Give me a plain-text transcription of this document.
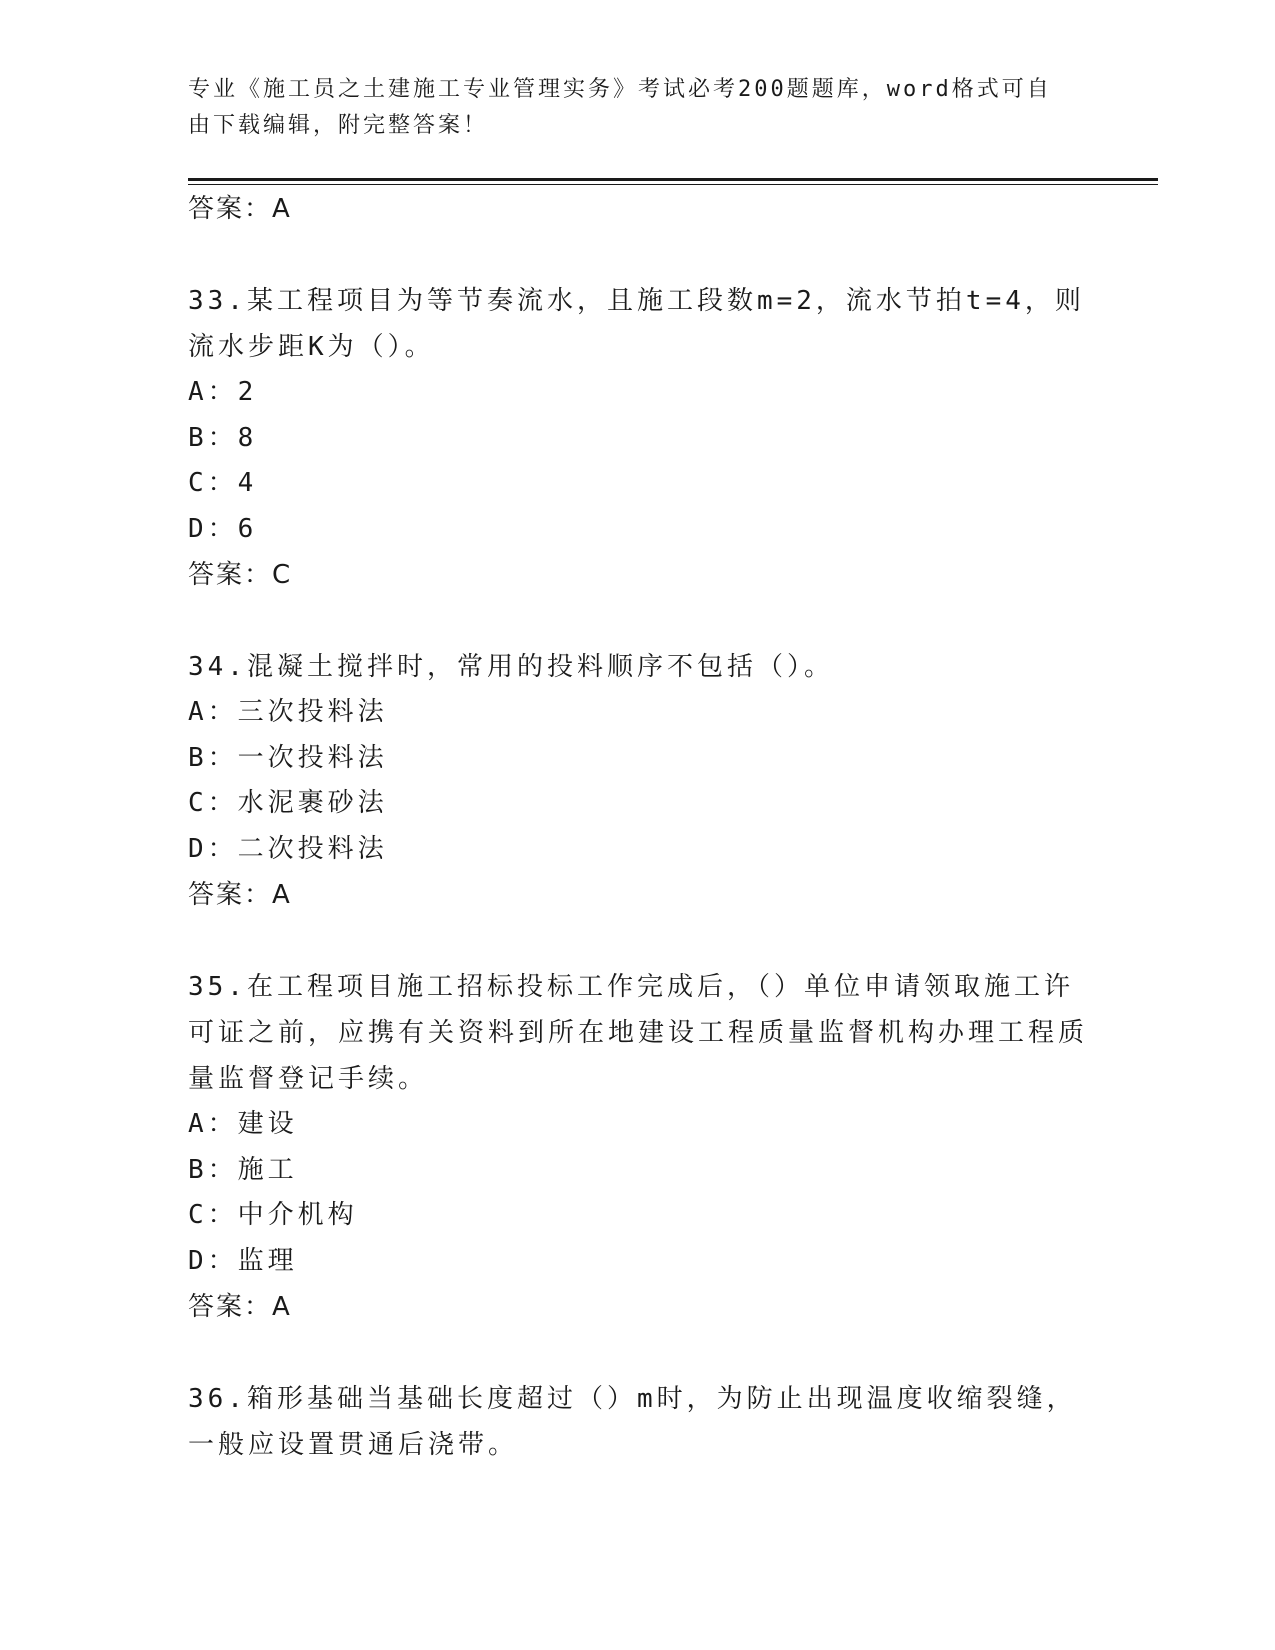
专业《施工员之土建施工专业管理实务》考试必考200题题库，word格式可自由下载编辑，附完整答案！

答案：A

33.某工程项目为等节奏流水，且施工段数m=2，流水节拍t=4，则流水步距K为（）。

A：2

B：8

C：4

D：6

答案：C

34.混凝土搅拌时，常用的投料顺序不包括（）。

A：三次投料法

B：一次投料法

C：水泥裹砂法

D：二次投料法

答案：A

35.在工程项目施工招标投标工作完成后，（）单位申请领取施工许可证之前，应携有关资料到所在地建设工程质量监督机构办理工程质量监督登记手续。

A：建设

B：施工

C：中介机构

D：监理

答案：A

36.箱形基础当基础长度超过（）m时，为防止出现温度收缩裂缝，一般应设置贯通后浇带。
